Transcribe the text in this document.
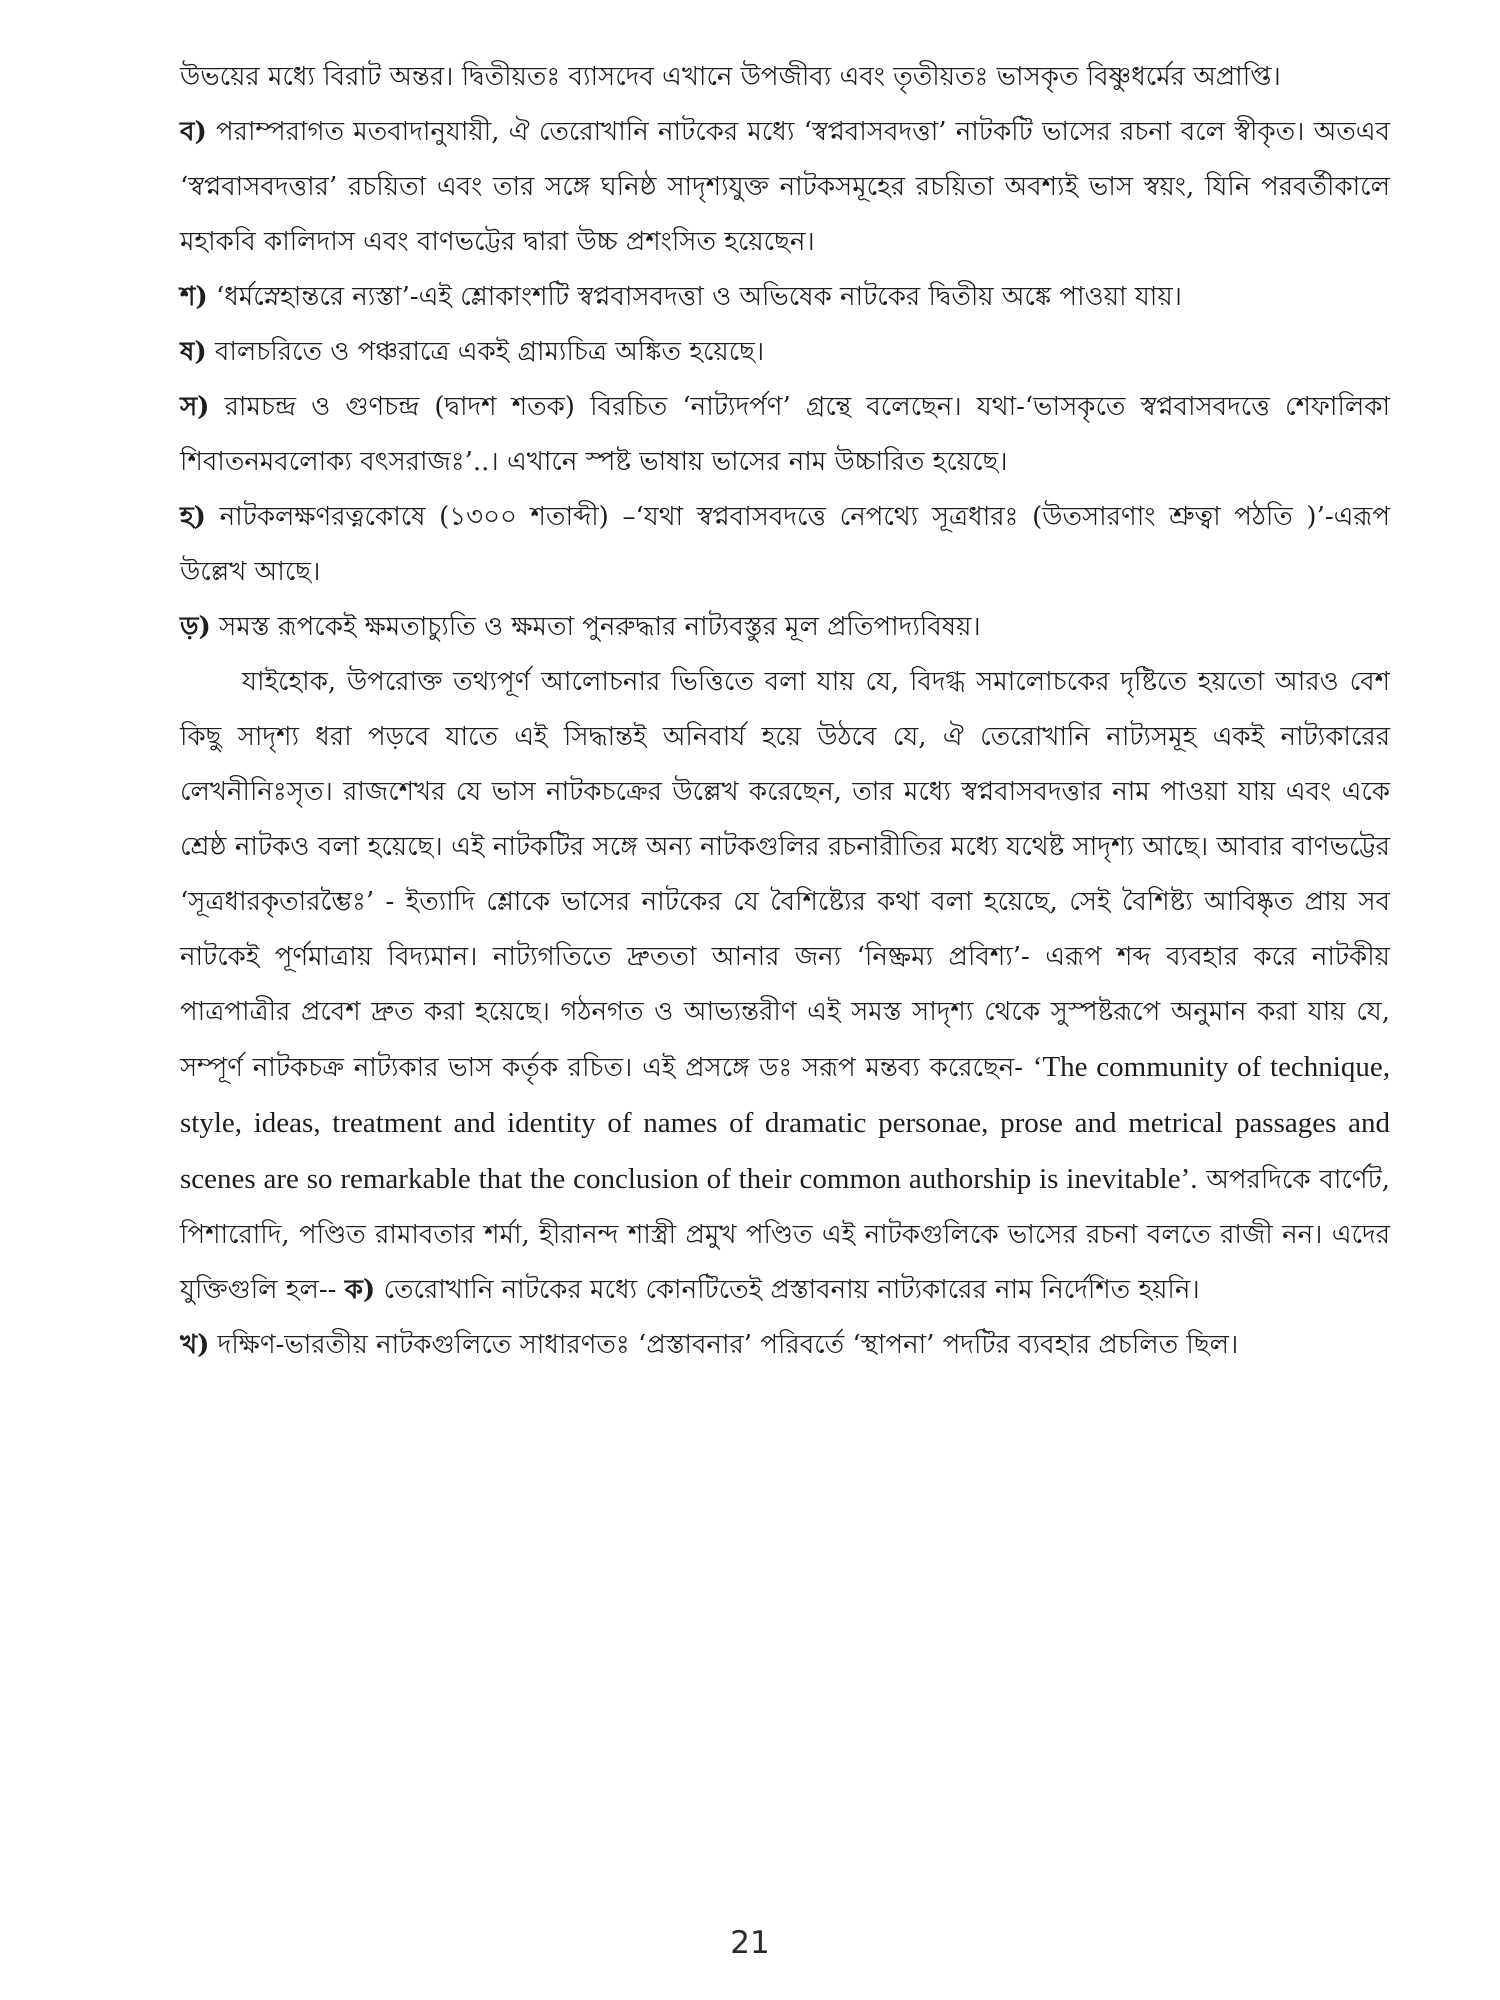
উভয়ের মধ্যে বিরাট অন্তর। দ্বিতীয়তঃ ব্যাসদেব এখানে উপজীব্য এবং তৃতীয়তঃ ভাসকৃত বিষ্ণুধর্মের অপ্রাপ্তি।

ব) পরাম্পরাগত মতবাদানুযায়ী, ঐ তেরোখানি নাটকের মধ্যে ‘স্বপ্নবাসবদত্তা’ নাটকটি ভাসের রচনা বলে স্বীকৃত। অতএব ‘স্বপ্নবাসবদত্তার’ রচয়িতা এবং তার সঙ্গে ঘনিষ্ঠ সাদৃশ্যযুক্ত নাটকসমূহের রচয়িতা অবশ্যই ভাস স্বয়ং, যিনি পরবর্তীকালে মহাকবি কালিদাস এবং বাণভট্টের দ্বারা উচ্চ প্রশংসিত হয়েছেন।

শ) ‘ধর্মস্নেহান্তরে ন্যস্তা’-এই শ্লোকাংশটি স্বপ্নবাসবদত্তা ও অভিষেক নাটকের দ্বিতীয় অঙ্কে পাওয়া যায়।

ষ) বালচরিতে ও পঞ্চরাত্রে একই গ্রাম্যচিত্র অঙ্কিত হয়েছে।

স) রামচন্দ্র ও গুণচন্দ্র (দ্বাদশ শতক) বিরচিত ‘নাট্যদর্পণ’ গ্রন্থে বলেছেন। যথা-‘ভাসকৃতে স্বপ্নবাসবদত্তে শেফালিকা শিবাতনমবলোক্য বৎসরাজঃ’..। এখানে স্পষ্ট ভাষায় ভাসের নাম উচ্চারিত হয়েছে।

হ) নাটকলক্ষণরত্নকোষে (১৩০০ শতাব্দী) –‘যথা স্বপ্নবাসবদত্তে নেপথ্যে সূত্রধারঃ (উতসারণাং শ্রুত্বা পঠতি )’-এরূপ উল্লেখ আছে।

ড়) সমস্ত রূপকেই ক্ষমতাচ্যুতি ও ক্ষমতা পুনরুদ্ধার নাট্যবস্তুর মূল প্রতিপাদ্যবিষয়।

যাইহোক, উপরোক্ত তথ্যপূর্ণ আলোচনার ভিত্তিতে বলা যায় যে, বিদগ্ধ সমালোচকের দৃষ্টিতে হয়তো আরও বেশ কিছু সাদৃশ্য ধরা পড়বে যাতে এই সিদ্ধান্তই অনিবার্য হয়ে উঠবে যে, ঐ তেরোখানি নাট্যসমূহ একই নাট্যকারের লেখনীনিঃসৃত। রাজশেখর যে ভাস নাটকচক্রের উল্লেখ করেছেন, তার মধ্যে স্বপ্নবাসবদত্তার নাম পাওয়া যায় এবং একে শ্রেষ্ঠ নাটকও বলা হয়েছে। এই নাটকটির সঙ্গে অন্য নাটকগুলির রচনারীতির মধ্যে যথেষ্ট সাদৃশ্য আছে। আবার বাণভট্টের ‘সূত্রধারকৃতারম্ভৈঃ’ - ইত্যাদি শ্লোকে ভাসের নাটকের যে বৈশিষ্ট্যের কথা বলা হয়েছে, সেই বৈশিষ্ট্য আবিষ্কৃত প্রায় সব নাটকেই পূর্ণমাত্রায় বিদ্যমান। নাট্যগতিতে দ্রুততা আনার জন্য ‘নিষ্ক্রম্য প্রবিশ্য’- এরূপ শব্দ ব্যবহার করে নাটকীয় পাত্রপাত্রীর প্রবেশ দ্রুত করা হয়েছে। গঠনগত ও আভ্যন্তরীণ এই সমস্ত সাদৃশ্য থেকে সুস্পষ্টরূপে অনুমান করা যায় যে, সম্পূর্ণ নাটকচক্র নাট্যকার ভাস কর্তৃক রচিত। এই প্রসঙ্গে ডঃ সরূপ মন্তব্য করেছেন- ‘The community of technique, style, ideas, treatment and identity of names of dramatic personae, prose and metrical passages and scenes are so remarkable that the conclusion of their common authorship is inevitable’. অপরদিকে বার্ণেট, পিশারোদি, পণ্ডিত রামাবতার শর্মা, হীরানন্দ শাস্ত্রী প্রমুখ পণ্ডিত এই নাটকগুলিকে ভাসের রচনা বলতে রাজী নন। এদের যুক্তিগুলি হল-- ক) তেরোখানি নাটকের মধ্যে কোনটিতেই প্রস্তাবনায় নাট্যকারের নাম নির্দেশিত হয়নি।

খ) দক্ষিণ-ভারতীয় নাটকগুলিতে সাধারণতঃ ‘প্রস্তাবনার’ পরিবর্তে ‘স্থাপনা’ পদটির ব্যবহার প্রচলিত ছিল।

21
